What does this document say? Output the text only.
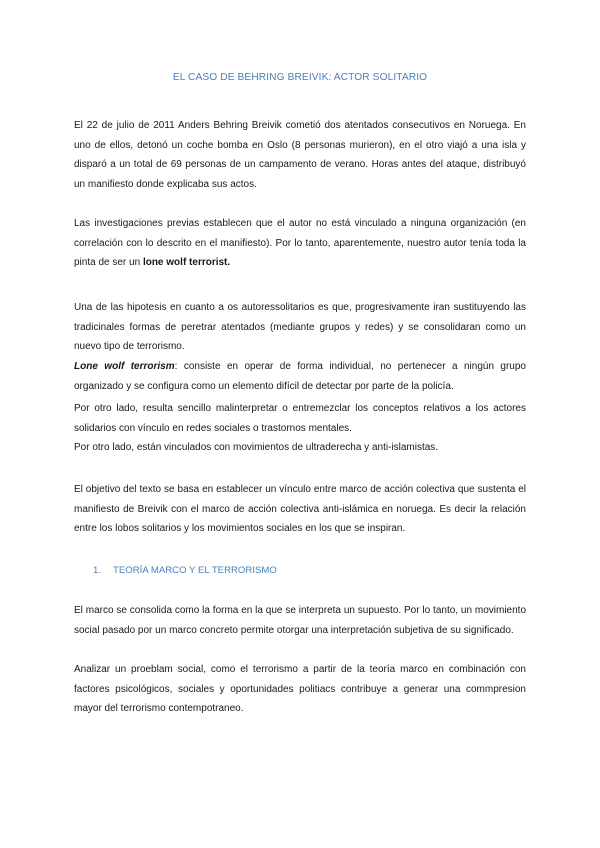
EL CASO DE BEHRING BREIVIK: ACTOR SOLITARIO
El 22 de julio de 2011 Anders Behring Breivik cometió dos atentados consecutivos en Noruega. En uno de ellos, detonó un coche bomba en Oslo (8 personas murieron), en el otro viajó a una isla y disparó a un total de 69 personas de un campamento de verano. Horas antes del ataque, distribuyó un manifiesto donde explicaba sus actos.
Las investigaciones previas establecen que el autor no está vinculado a ninguna organización (en correlación con lo descrito en el manifiesto). Por lo tanto, aparentemente, nuestro autor tenía toda la pinta de ser un lone wolf terrorist.
Una de las hipotesis en cuanto a os autoressolitarios es que, progresivamente iran sustituyendo las tradicinales formas de peretrar atentados (mediante grupos y redes) y se consolidaran como un nuevo tipo de terrorismo.
Lone wolf terrorism: consiste en operar de forma individual, no pertenecer a ningún grupo organizado y se configura como un elemento difícil de detectar por parte de la policía.
Por otro lado, resulta sencillo malinterpretar o entremezclar los conceptos relativos a los actores solidarios con vínculo en redes sociales o trastornos mentales.
Por otro lado, están vinculados con movimientos de ultraderecha y anti-islamistas.
El objetivo del texto se basa en establecer un vínculo entre marco de acción colectiva que sustenta el manifiesto de Breivik con el marco de acción colectiva anti-islámica en noruega. Es decir la relación entre los lobos solitarios y los movimientos sociales en los que se inspiran.
1. TEORÍA MARCO Y EL TERRORISMO
El marco se consolida como la forma en la que se interpreta un supuesto. Por lo tanto, un movimiento social pasado por un marco concreto permite otorgar una interpretación subjetiva de su significado.
Analizar un proeblam social, como el terrorismo a partir de la teoría marco en combinación con factores psicológicos, sociales y oportunidades politiacs contribuye a generar una commpresion mayor del terrorismo contempotraneo.
